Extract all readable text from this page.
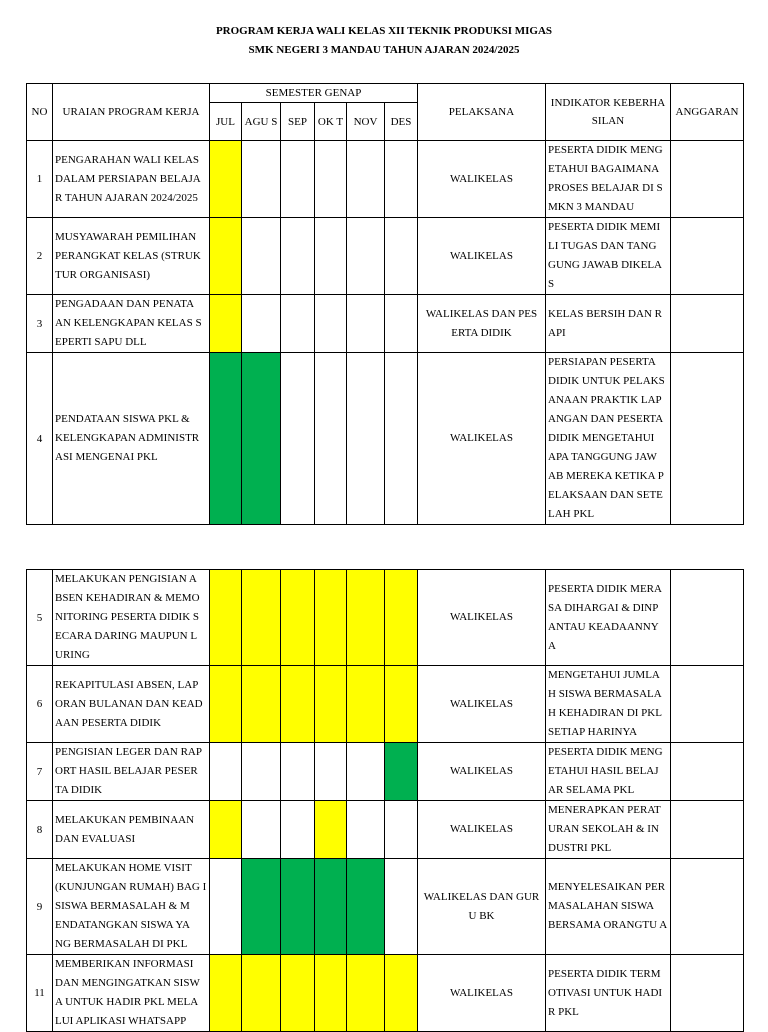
PROGRAM KERJA WALI KELAS XII TEKNIK PRODUKSI MIGAS
SMK NEGERI 3 MANDAU TAHUN AJARAN 2024/2025
NO	URAIAN PROGRAM KERJA	SEMESTER GENAP						PELAKSANA	INDIKATOR KEBERHA SILAN	ANGGARAN
		JUL	AGU S	SEP	OK T	NOV	DES			
1	PENGARAHAN WALI KELAS DALAM PERSIAPAN BELAJA R TAHUN AJARAN 2024/2025							WALIKELAS	PESERTA DIDIK MENG ETAHUI BAGAIMANA PROSES BELAJAR DI S MKN 3 MANDAU	
2	MUSYAWARAH PEMILIHAN PERANGKAT KELAS (STRUK TUR ORGANISASI)							WALIKELAS	PESERTA DIDIK MEMI LI TUGAS DAN TANG GUNG JAWAB DIKELA S	
3	PENGADAAN DAN PENATA AN KELENGKAPAN KELAS S EPERTI SAPU DLL							WALIKELAS DAN PES ERTA DIDIK	KELAS BERSIH DAN R API	
4	PENDATAAN SISWA PKL & KELENGKAPAN ADMINISTR ASI MENGENAI PKL							WALIKELAS	PERSIAPAN PESERTA DIDIK UNTUK PELAKS ANAAN PRAKTIK LAP ANGAN DAN PESERTA DIDIK MENGETAHUI APA TANGGUNG JAW AB MEREKA KETIKA P ELAKSAAN DAN SETE LAH PKL	
5	MELAKUKAN PENGISIAN A BSEN KEHADIRAN & MEMO NITORING PESERTA DIDIK S ECARA DARING MAUPUN L URING							WALIKELAS	PESERTA DIDIK MERA SA DIHARGAI & DINP ANTAU KEADAANNY A	
6	REKAPITULASI ABSEN, LAP ORAN BULANAN DAN KEAD AAN PESERTA DIDIK							WALIKELAS	MENGETAHUI JUMLA H SISWA BERMASALA H KEHADIRAN DI PKL SETIAP HARINYA	
7	PENGISIAN LEGER DAN RAP ORT HASIL BELAJAR PESER TA DIDIK							WALIKELAS	PESERTA DIDIK MENG ETAHUI HASIL BELAJ AR SELAMA PKL	
8	MELAKUKAN PEMBINAAN DAN EVALUASI							WALIKELAS	MENERAPKAN PERAT URAN SEKOLAH & IN DUSTRI PKL	
9	MELAKUKAN HOME VISIT (KUNJUNGAN RUMAH) BAG I SISWA BERMASALAH & M ENDATANGKAN SISWA YA NG BERMASALAH DI PKL							WALIKELAS DAN GUR U BK	MENYELESAIKAN PER MASALAHAN SISWA BERSAMA ORANGTU A	
11	MEMBERIKAN INFORMASI DAN MENGINGATKAN SISW A UNTUK HADIR PKL MELA LUI APLIKASI WHATSAPP							WALIKELAS	PESERTA DIDIK TERM OTIVASI UNTUK HADI R PKL	
